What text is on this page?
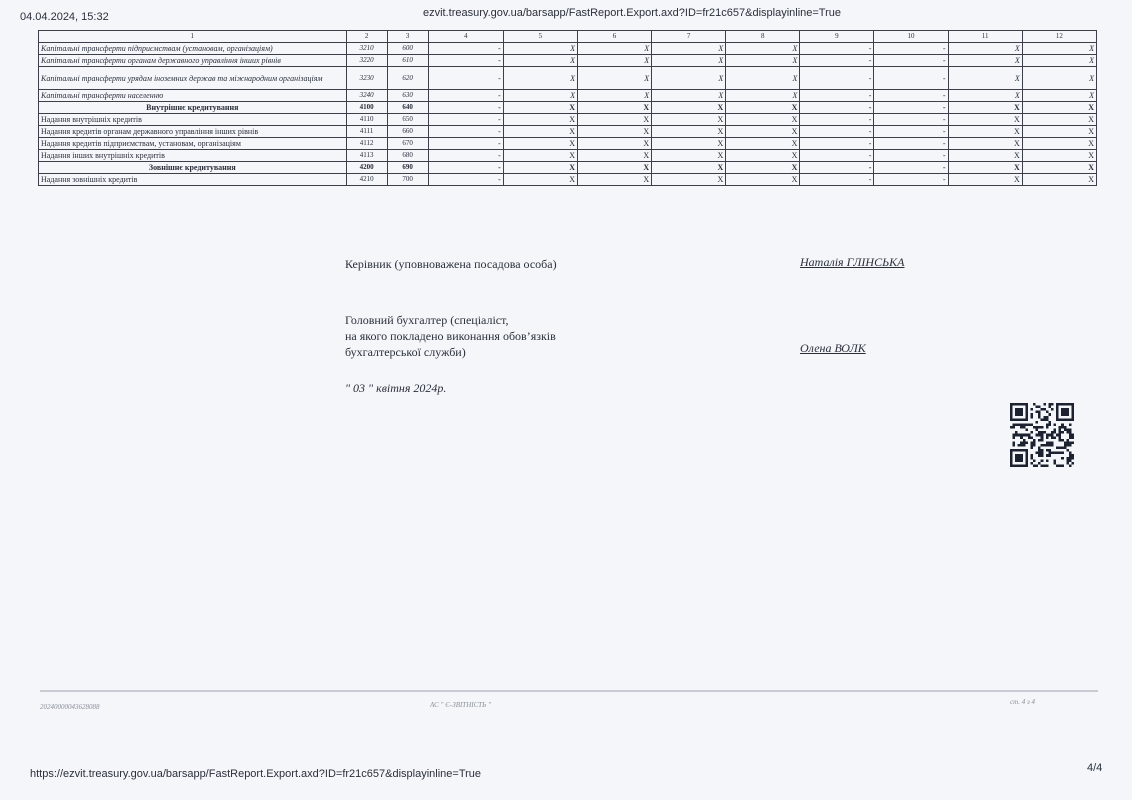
04.04.2024, 15:32	ezvit.treasury.gov.ua/barsapp/FastReport.Export.axd?ID=fr21c657&displayinline=True
1	2	3	4	5	6	7	8	9	10	11	12
Капітальні трансферти підприємствам (установам, організаціям)	3210	600	-	X	X	X	X	-	-	X	X
Капітальні трансферти органам державного управління інших рівнів	3220	610	-	X	X	X	X	-	-	X	X
Капітальні трансферти урядам іноземних держав та міжнародним організаціям	3230	620	-	X	X	X	X	-	-	X	X
Капітальні трансферти населенню	3240	630	-	X	X	X	X	-	-	X	X
Внутрішнє кредитування	4100	640	-	X	X	X	X	-	-	X	X
Надання внутрішніх кредитів	4110	650	-	X	X	X	X	-	-	X	X
Надання кредитів органам державного управління інших рівнів	4111	660	-	X	X	X	X	-	-	X	X
Надання кредитів підприємствам, установам, організаціям	4112	670	-	X	X	X	X	-	-	X	X
Надання інших внутрішніх кредитів	4113	680	-	X	X	X	X	-	-	X	X
Зовнішнє кредитування	4200	690	-	X	X	X	X	-	-	X	X
Надання зовнішніх кредитів	4210	700	-	X	X	X	X	-	-	X	X
Керівник (уповноважена посадова особа)	Наталія ГЛІНСЬКА
Головний бухгалтер (спеціаліст,
на якого покладено виконання обов’язків
бухгалтерської служби)	Олена ВОЛК
" 03 " квітня 2024р.
20240000043628088	АС " Є-ЗВІТНІСТЬ "	ст. 4 з 4
https://ezvit.treasury.gov.ua/barsapp/FastReport.Export.axd?ID=fr21c657&displayinline=True	4/4
